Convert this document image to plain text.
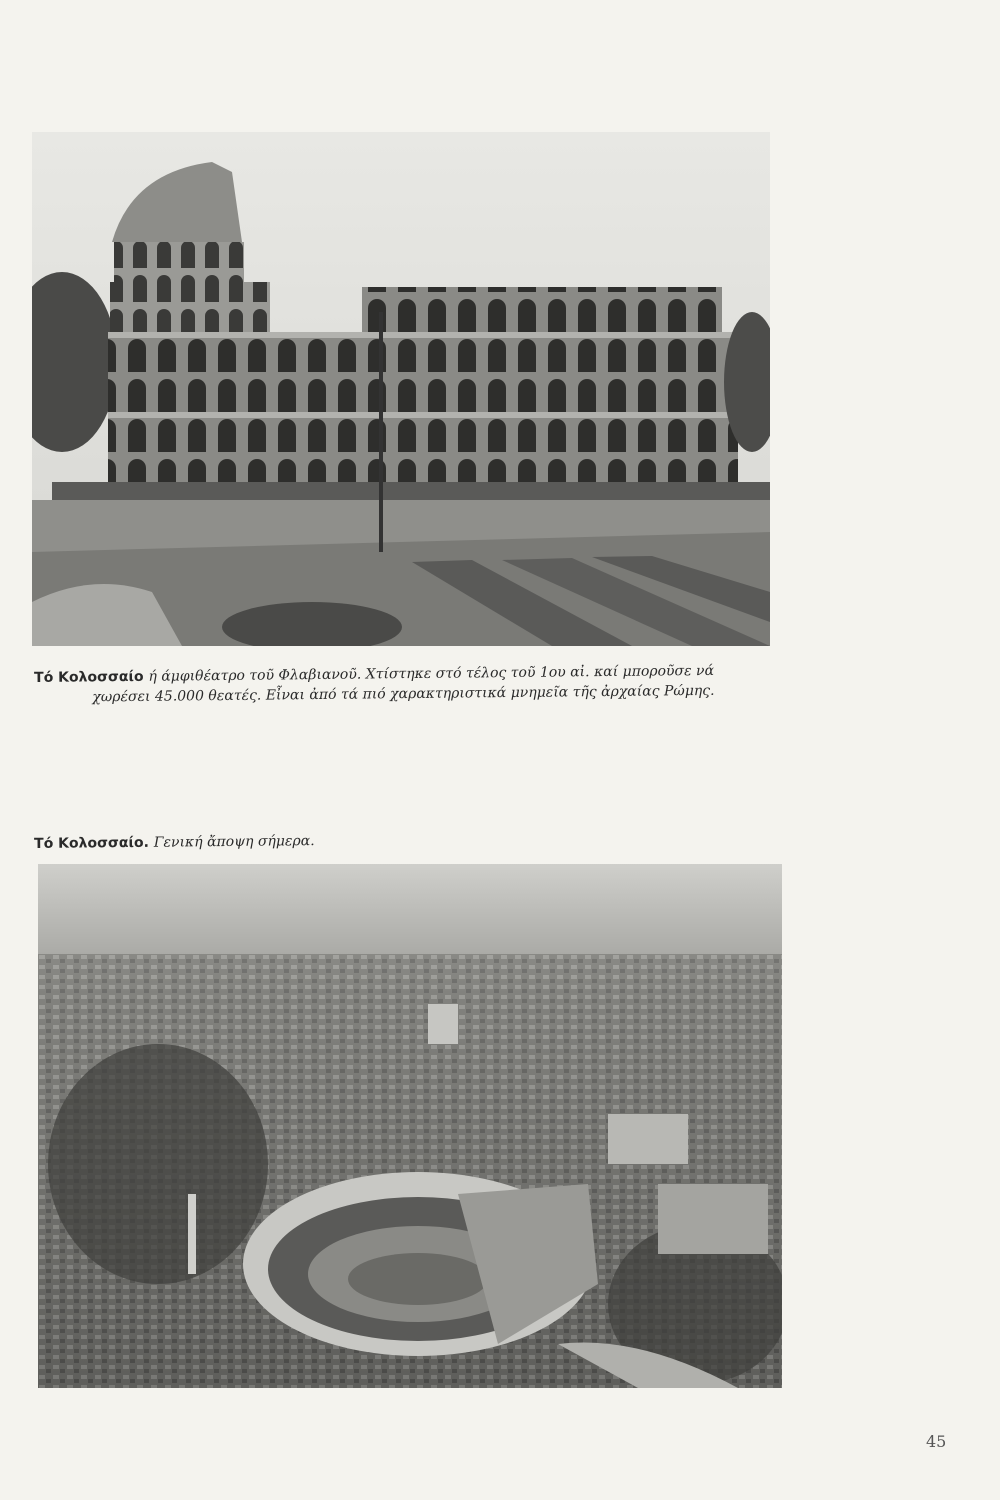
Τό Κολοσσαίο ή άμφιθέατρο τοῦ Φλαβιανοῦ. Χτίστηκε στό τέλος τοῦ 1ου αἰ. καί μποροῦσε νά
χωρέσει 45.000 θεατές. Εἶναι ἀπό τά πιό χαρακτηριστικά μνημεῖα τῆς ἀρχαίας Ρώμης.
Τό Κολοσσαίο. Γενική ἄποψη σήμερα.
45
